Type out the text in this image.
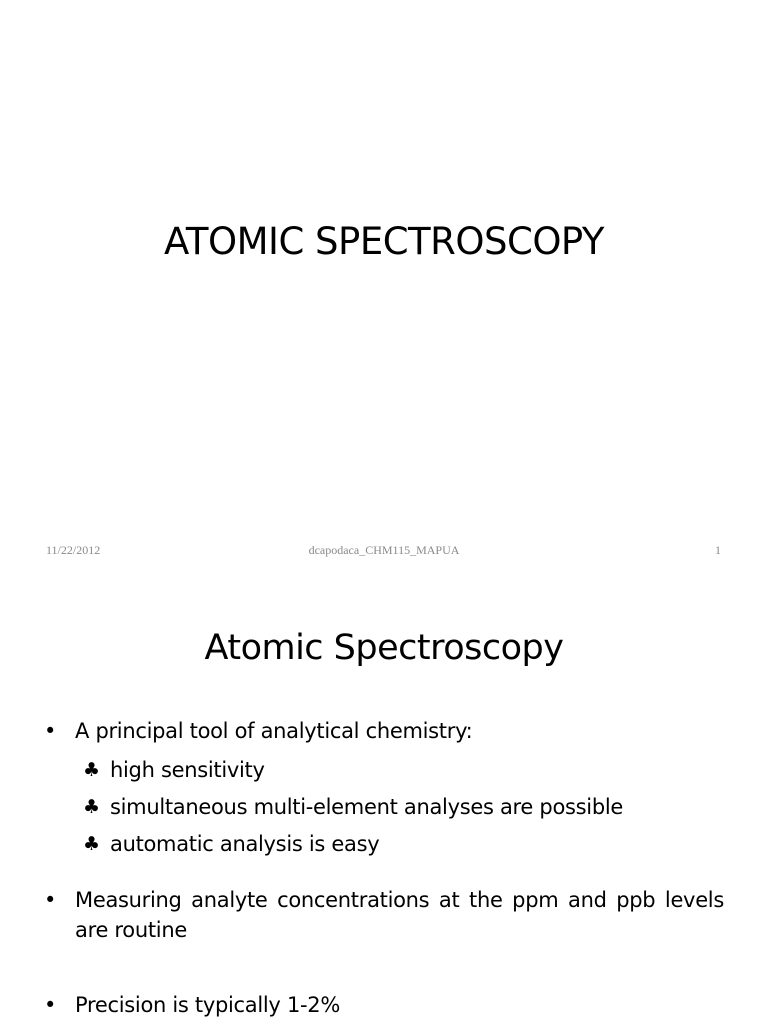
ATOMIC SPECTROSCOPY
11/22/2012	dcapodaca_CHM115_MAPUA	1
Atomic Spectroscopy
• A principal tool of analytical chemistry:
♣ high sensitivity
♣ simultaneous multi-element analyses are possible
♣ automatic analysis is easy
• Measuring analyte concentrations at the ppm and ppb levels are routine
• Precision is typically 1-2%
